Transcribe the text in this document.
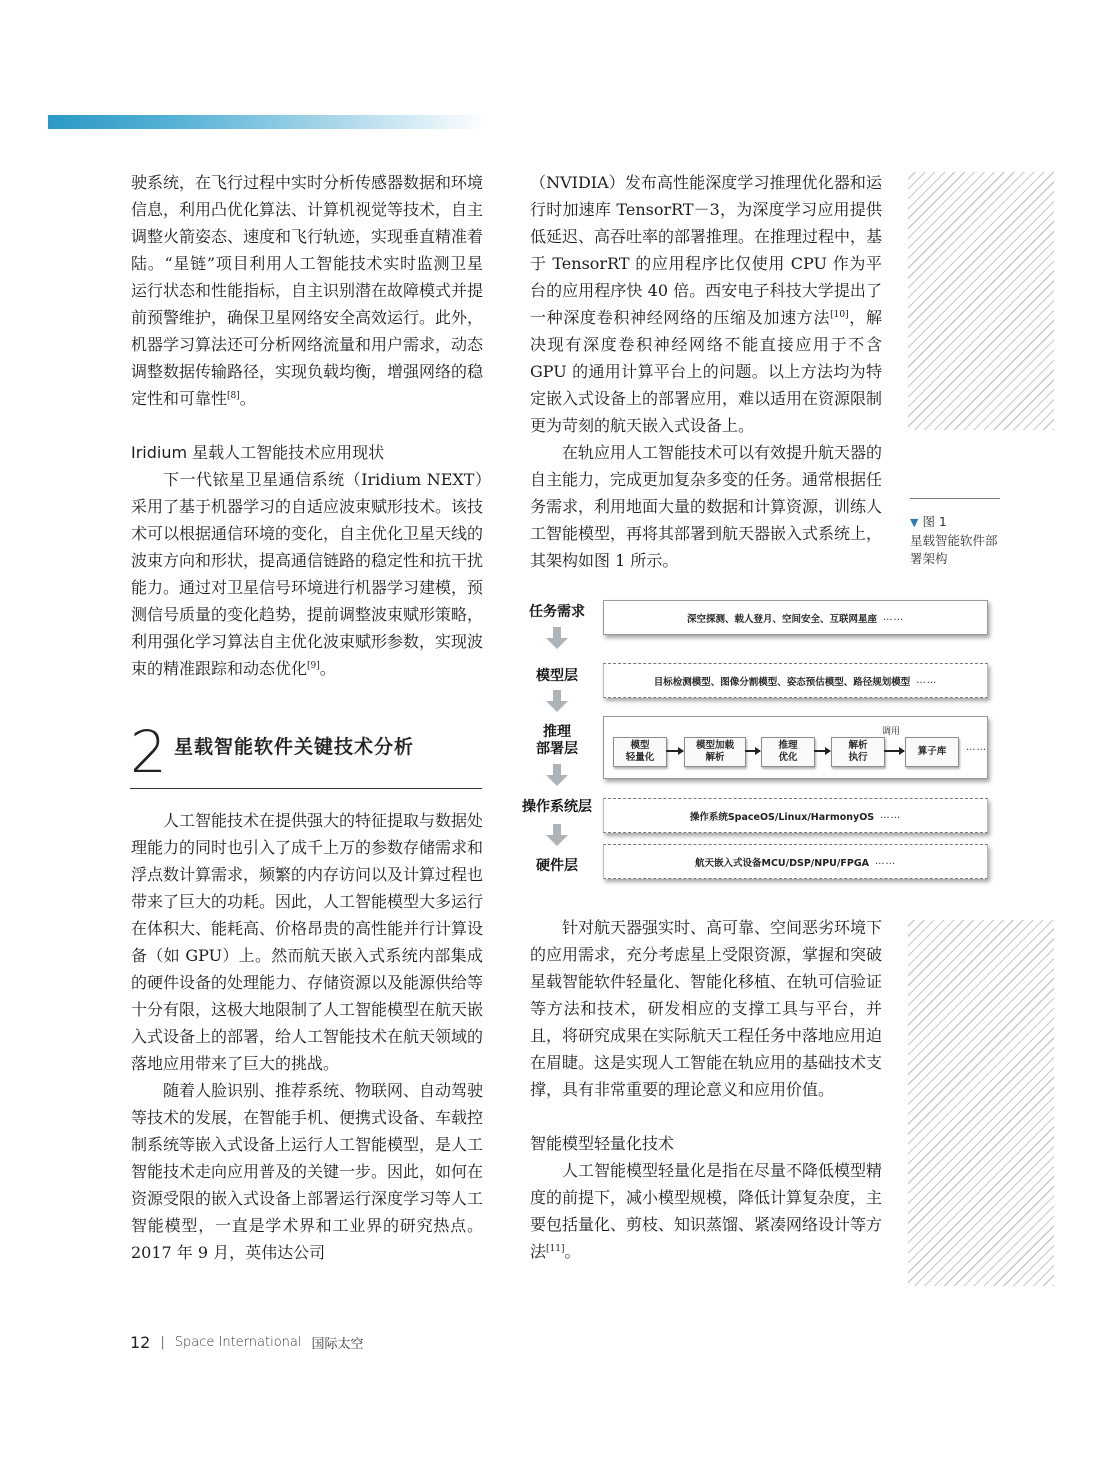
驶系统，在飞行过程中实时分析传感器数据和环境信息，利用凸优化算法、计算机视觉等技术，自主调整火箭姿态、速度和飞行轨迹，实现垂直精准着陆。“星链”项目利用人工智能技术实时监测卫星运行状态和性能指标，自主识别潜在故障模式并提前预警维护，确保卫星网络安全高效运行。此外，机器学习算法还可分析网络流量和用户需求，动态调整数据传输路径，实现负载均衡，增强网络的稳定性和可靠性[8]。

Iridium 星载人工智能技术应用现状

下一代铱星卫星通信系统（Iridium NEXT）采用了基于机器学习的自适应波束赋形技术。该技术可以根据通信环境的变化，自主优化卫星天线的波束方向和形状，提高通信链路的稳定性和抗干扰能力。通过对卫星信号环境进行机器学习建模，预测信号质量的变化趋势，提前调整波束赋形策略，利用强化学习算法自主优化波束赋形参数，实现波束的精准跟踪和动态优化[9]。

2 星载智能软件关键技术分析

人工智能技术在提供强大的特征提取与数据处理能力的同时也引入了成千上万的参数存储需求和浮点数计算需求，频繁的内存访问以及计算过程也带来了巨大的功耗。因此，人工智能模型大多运行在体积大、能耗高、价格昂贵的高性能并行计算设备（如 GPU）上。然而航天嵌入式系统内部集成的硬件设备的处理能力、存储资源以及能源供给等十分有限，这极大地限制了人工智能模型在航天嵌入式设备上的部署，给人工智能技术在航天领域的落地应用带来了巨大的挑战。

随着人脸识别、推荐系统、物联网、自动驾驶等技术的发展，在智能手机、便携式设备、车载控制系统等嵌入式设备上运行人工智能模型，是人工智能技术走向应用普及的关键一步。因此，如何在资源受限的嵌入式设备上部署运行深度学习等人工智能模型，一直是学术界和工业界的研究热点。2017 年 9 月，英伟达公司

（NVIDIA）发布高性能深度学习推理优化器和运行时加速库 TensorRT－3，为深度学习应用提供低延迟、高吞吐率的部署推理。在推理过程中，基于 TensorRT 的应用程序比仅使用 CPU 作为平台的应用程序快 40 倍。西安电子科技大学提出了一种深度卷积神经网络的压缩及加速方法[10]，解决现有深度卷积神经网络不能直接应用于不含 GPU 的通用计算平台上的问题。以上方法均为特定嵌入式设备上的部署应用，难以适用在资源限制更为苛刻的航天嵌入式设备上。

在轨应用人工智能技术可以有效提升航天器的自主能力，完成更加复杂多变的任务。通常根据任务需求，利用地面大量的数据和计算资源，训练人工智能模型，再将其部署到航天器嵌入式系统上，其架构如图 1 所示。

▼ 图 1
星载智能软件部署架构
任务需求
模型层
推理
部署层
操作系统层
硬件层
深空探测、载人登月、空间安全、互联网星座 ……
目标检测模型、图像分割模型、姿态预估模型、路径规划模型 ……
模型
轻量化
模型加载
解析
推理
优化
解析
执行
调用
算子库	……
操作系统SpaceOS/Linux/HarmonyOS ……
航天嵌入式设备MCU/DSP/NPU/FPGA ……

针对航天器强实时、高可靠、空间恶劣环境下的应用需求，充分考虑星上受限资源，掌握和突破星载智能软件轻量化、智能化移植、在轨可信验证等方法和技术，研发相应的支撑工具与平台，并且，将研究成果在实际航天工程任务中落地应用迫在眉睫。这是实现人工智能在轨应用的基础技术支撑，具有非常重要的理论意义和应用价值。

智能模型轻量化技术

人工智能模型轻量化是指在尽量不降低模型精度的前提下，减小模型规模，降低计算复杂度，主要包括量化、剪枝、知识蒸馏、紧凑网络设计等方法[11]。

12 | Space International 国际太空
